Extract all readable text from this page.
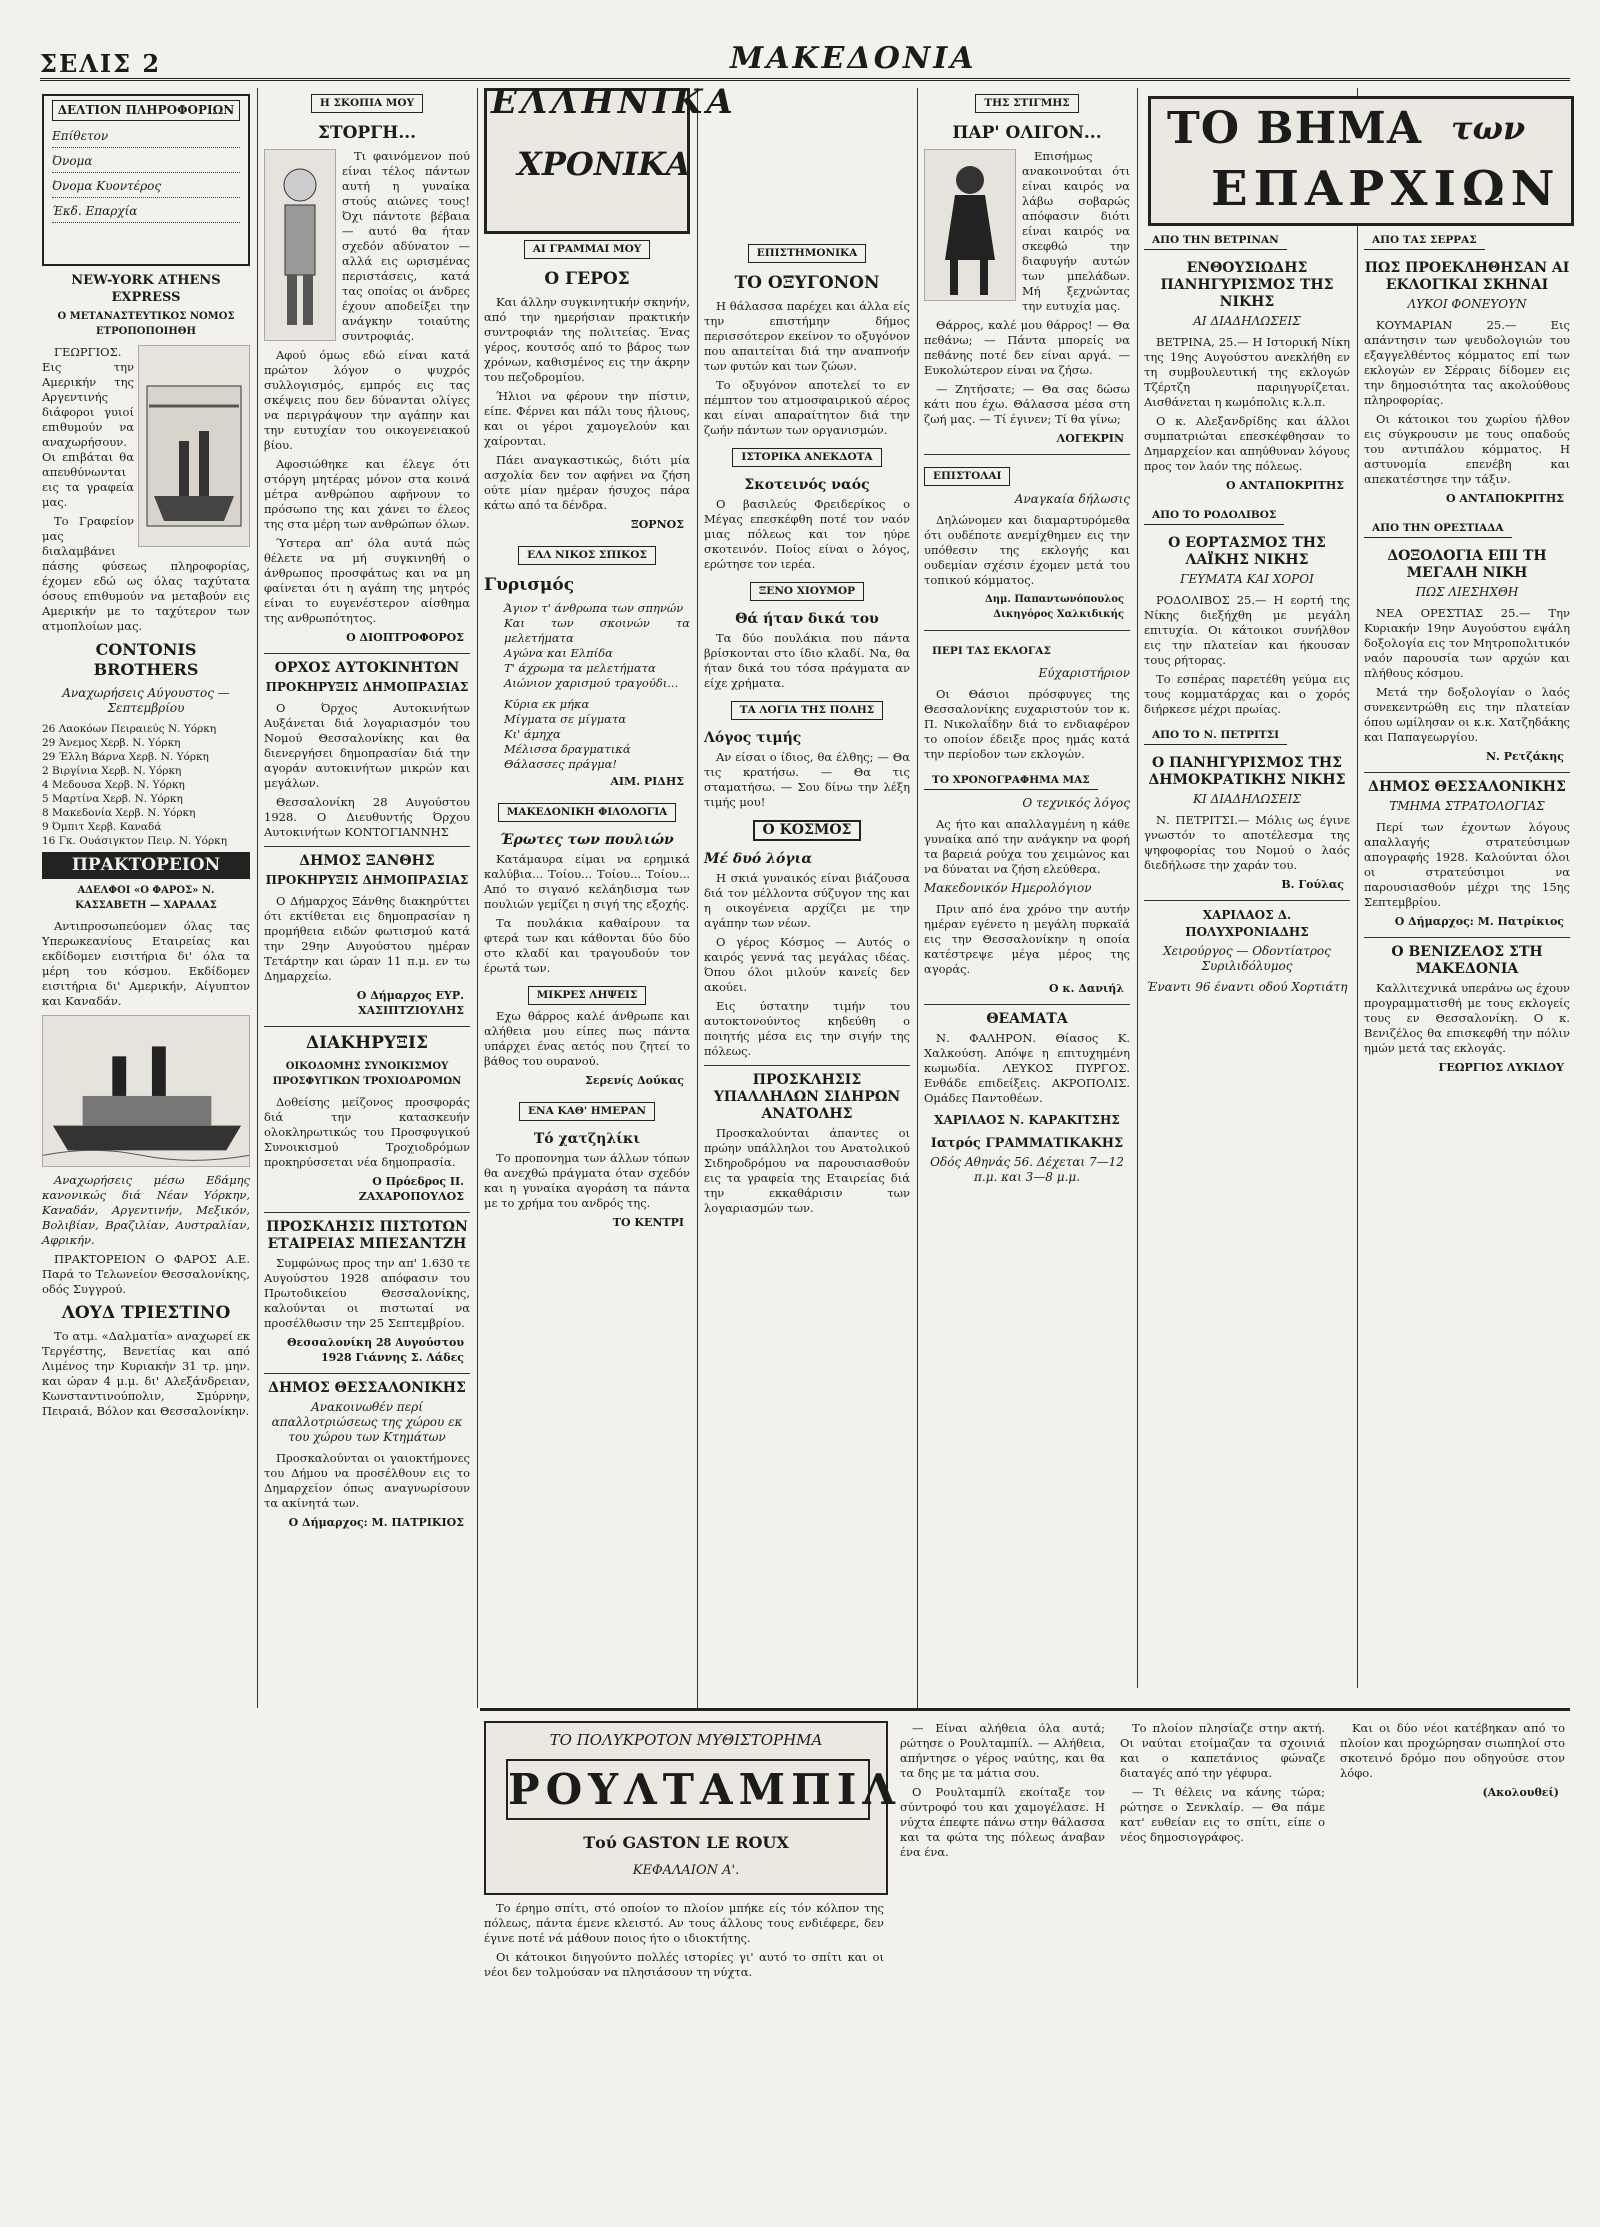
ΣΕΛΙΣ 2	ΜΑΚΕΔΟΝΙΑ
ΔΕΛΤΙΟΝ ΠΛΗΡΟΦΟΡΙΩΝ
Επίθετον
Όνομα
Όνομα Κυοντέρος
Έκδ. Επαρχία
NEW-YORK ATHENS EXPRESS
Ο ΜΕΤΑΝΑΣΤΕΥΤΙΚΟΣ ΝΟΜΟΣ ΕΤΡΟΠΟΠΟΙΗΘΗ

ΓΕΩΡΓΙΟΣ. Εις την Αμερικήν της Αργεντινής διάφοροι γυιοί επιθυμούν να αναχωρήσουν. Οι επιβάται θα απευθύνωνται εις τα γραφεία μας.

Το Γραφείον μας διαλαμβάνει πάσης φύσεως πληροφορίας, έχομεν εδώ ως όλας ταχύτατα όσους επιθυμούν να μεταβούν εις Αμερικήν με το ταχύτερον των ατμοπλοίων μας.

CONTONIS BROTHERS
Αναχωρήσεις Αύγουστος — Σεπτεμβρίου
26 Λαοκόων Πειραιεύς Ν. Υόρκη
29 Άνεμος Χερβ. Ν. Υόρκη
29 Έλλη Βάρνα Χερβ. Ν. Υόρκη
2 Βιργίνια Χερβ. Ν. Υόρκη
4 Μεδουσα Χερβ. Ν. Υόρκη
5 Μαρτίνα Χερβ. Ν. Υόρκη
8 Μακεδονία Χερβ. Ν. Υόρκη
9 Όμπιτ Χερβ. Καναδά
16 Γκ. Ουάσιγκτον Πειρ. Ν. Υόρκη
ΠΡΑΚΤΟΡΕΙΟΝ
ΑΔΕΛΦΟΙ «Ο ΦΑΡΟΣ» Ν. ΚΑΣΣΑΒΕΤΗ — ΧΑΡΑΛΑΣ

Αντιπροσωπεύομεν όλας τας Υπερωκεανίους Εταιρείας και εκδίδομεν εισιτήρια δι' όλα τα μέρη του κόσμου. Εκδίδομεν εισιτήρια δι' Αμερικήν, Αίγυπτον και Καναδάν.

Αναχωρήσεις μέσω Εδάμης κανονικώς διά Νέαν Υόρκην, Καναδάν, Αργεντινήν, Μεξικόν, Βολιβίαν, Βραζιλίαν, Αυστραλίαν, Αφρικήν.

ΠΡΑΚΤΟΡΕΙΟΝ Ο ΦΑΡΟΣ Α.Ε. Παρά το Τελωνείον Θεσσαλονίκης, οδός Συγγρού.

ΛΟΥΔ ΤΡΙΕΣΤΙΝΟ

Το ατμ. «Δαλματία» αναχωρεί εκ Τεργέστης, Βενετίας και από Λιμένος την Κυριακήν 31 τρ. μην. και ώραν 4 μ.μ. δι' Αλεξάνδρειαν, Κωνσταντινούπολιν, Σμύρνην, Πειραιά, Βόλον και Θεσσαλονίκην.

Η ΣΚΟΠΙΑ ΜΟΥ
ΣΤΟΡΓΗ...

Τι φαινόμενον πού είναι τέλος πάντων αυτή η γυναίκα στούς αιώνες τους! Όχι πάντοτε βέβαια — αυτό θα ήταν σχεδόν αδύνατον — αλλά εις ωρισμένας περιστάσεις, κατά τας οποίας οι άνδρες έχουν αποδείξει την ανάγκην τοιαύτης συντροφιάς.

Αφού όμως εδώ είναι κατά πρώτον λόγον ο ψυχρός συλλογισμός, εμπρός εις τας σκέψεις που δεν δύνανται ολίγες να περιγράψουν την αγάπην και την ευτυχίαν του οικογενειακού βίου.

Αφοσιώθηκε και έλεγε ότι στόργη μητέρας μόνον στα κοινά μέτρα ανθρώπου αφήνουν το πρόσωπο της και χάνει το έλεος της στα μέρη των ανθρώπων όλων.

Ύστερα απ' όλα αυτά πώς θέλετε να μή συγκινηθή ο άνθρωπος προσφάτως και να μη φαίνεται ότι η αγάπη της μητρός είναι το ευγενέστερον αίσθημα της ανθρωπότητος.

Ο ΔΙΟΠΤΡΟΦΟΡΟΣ
ΟΡΧΟΣ ΑΥΤΟΚΙΝΗΤΩΝ
ΠΡΟΚΗΡΥΞΙΣ ΔΗΜΟΠΡΑΣΙΑΣ

Ο Όρχος Αυτοκινήτων Αυξάνεται διά λογαριασμόν του Νομού Θεσσαλονίκης και θα διενεργήσει δημοπρασίαν διά την αγοράν αυτοκινήτων μικρών και μεγάλων.

Θεσσαλονίκη 28 Αυγούστου 1928. Ο Διευθυντής Όρχου Αυτοκινήτων ΚΟΝΤΟΓΙΑΝΝΗΣ

ΔΗΜΟΣ ΞΑΝΘΗΣ
ΠΡΟΚΗΡΥΞΙΣ ΔΗΜΟΠΡΑΣΙΑΣ

Ο Δήμαρχος Ξάνθης διακηρύττει ότι εκτίθεται εις δημοπρασίαν η προμήθεια ειδών φωτισμού κατά την 29ην Αυγούστου ημέραν Τετάρτην και ώραν 11 π.μ. εν τω Δημαρχείω.

Ο Δήμαρχος ΕΥΡ. ΧΑΣΙΠΤΖΙΟΥΛΗΣ
ΔΙΑΚΗΡΥΞΙΣ
ΟΙΚΟΔΟΜΗΣ ΣΥΝΟΙΚΙΣΜΟΥ ΠΡΟΣΦΥΓΙΚΩΝ ΤΡΟΧΙΟΔΡΟΜΩΝ

Δοθείσης μείζονος προσφοράς διά την κατασκευήν ολοκληρωτικώς του Προσφυγικού Συνοικισμού Τροχιοδρόμων προκηρύσσεται νέα δημοπρασία.

Ο Πρόεδρος ΙΙ. ΖΑΧΑΡΟΠΟΥΛΟΣ
ΠΡΟΣΚΛΗΣΙΣ ΠΙΣΤΩΤΩΝ ΕΤΑΙΡΕΙΑΣ ΜΠΕΣΑΝΤΖΗ

Συμφώνως προς την απ' 1.630 τε Αυγούστου 1928 απόφασιν του Πρωτοδικείου Θεσσαλονίκης, καλούνται οι πιστωταί να προσέλθωσιν την 25 Σεπτεμβρίου.

Θεσσαλονίκη 28 Αυγούστου 1928 Γιάννης Σ. Λάδες
ΔΗΜΟΣ ΘΕΣΣΑΛΟΝΙΚΗΣ
Ανακοινωθέν περί απαλλοτριώσεως της χώρου εκ του χώρου των Κτημάτων

Προσκαλούνται οι γαιοκτήμονες του Δήμου να προσέλθουν εις το Δημαρχείον όπως αναγνωρίσουν τα ακίνητά των.

Ο Δήμαρχος: Μ. ΠΑΤΡΙΚΙΟΣ
ΕΛΛΗΝΙΚΑ
ΧΡΟΝΙΚΑ
ΑΙ ΓΡΑΜΜΑΙ ΜΟΥ
Ο ΓΕΡΟΣ

Και άλλην συγκινητικήν σκηνήν, από την ημερήσιαν πρακτικήν συντροφιάν της πολιτείας. Ένας γέρος, κουτσός από το βάρος των χρόνων, καθισμένος εις την άκρην του πεζοδρομίου.

Ήλιοι να φέρουν την πίστιν, είπε. Φέρνει και πάλι τους ήλιους, και οι γέροι χαμογελούν και χαίρονται.

Πάει αναγκαστικώς, διότι μία ασχολία δεν τον αφήνει να ζήση ούτε μίαν ημέραν ήσυχος πάρα κάτω από τα δένδρα.

ΞΟΡΝΟΣ
ΕΛΛ ΝΙΚΟΣ ΣΠΙΚΟΣ
Γυρισμός
Άγιον τ' άνθρωπα των σπηνών
Και των σκοινών τα μελετήματα
Αγώνα και Ελπίδα
Τ' άχρωμα τα μελετήματα
Αιώνιον χαρισμού τραγούδι...
Κύρια εκ μήκα
Μίγματα σε μίγματα
Κι' άμηχα
Μέλισσα δραγματικά
Θάλασσες πράγμα!
ΑΙΜ. ΡΙΔΗΣ
ΜΑΚΕΔΟΝΙΚΗ ΦΙΛΟΛΟΓΙΑ
Έρωτες των πουλιών

Κατάμαυρα είμαι να ερημικά καλύβια... Τοίου... Τοίου... Τοίου... Από το σιγανό κελάηδισμα των πουλιών γεμίζει η σιγή της εξοχής.

Τα πουλάκια καθαίρουν τα φτερά των και κάθονται δύο δύο στο κλαδί και τραγουδούν τον έρωτά των.

ΜΙΚΡΕΣ ΛΗΨΕΙΣ

Εχω θάρρος καλέ άνθρωπε και αλήθεια μου είπες πως πάντα υπάρχει ένας αετός που ζητεί το βάθος του ουρανού.

Σερενίς Δούκας
ΕΝΑ ΚΑΘ' ΗΜΕΡΑΝ
Τό χατζηλίκι

Το προπονημα των άλλων τόπων θα ανεχθώ πράγματα όταν σχεδόν και η γυναίκα αγοράση τα πάντα με το χρήμα του ανδρός της.

ΤΟ ΚΕΝΤΡΙ
ΕΠΙΣΤΗΜΟΝΙΚΑ
ΤΟ ΟΞΥΓΟΝΟΝ

Η θάλασσα παρέχει και άλλα είς την επιστήμην δήμος περισσότερον εκείνον το οξυγόνον που απαιτείται διά την αναπνοήν των φυτών και των ζώων.

Το οξυγόνον αποτελεί το εν πέμπτον του ατμοσφαιρικού αέρος και είναι απαραίτητον διά την ζωήν πάντων των οργανισμών.

ΙΣΤΟΡΙΚΑ ΑΝΕΚΔΟΤΑ
Σκοτεινός ναός

Ο βασιλεύς Φρειδερίκος ο Μέγας επεσκέφθη ποτέ τον ναόν μιας πόλεως και τον ηύρε σκοτεινόν. Ποίος είναι ο λόγος, ερώτησε τον ιερέα.

ΞΕΝΟ ΧΙΟΥΜΟΡ
Θά ήταν δικά του

Τα δύο πουλάκια που πάντα βρίσκονται στο ίδιο κλαδί. Να, θα ήταν δικά του τόσα πράγματα αν είχε χρήματα.

ΤΑ ΛΟΓΙΑ ΤΗΣ ΠΟΛΗΣ
Λόγος τιμής

Αν είσαι ο ίδιος, θα έλθης; — Θα τις κρατήσω. — Θα τις σταματήσω. — Σου δίνω την λέξη τιμής μου!

Ο ΚΟΣΜΟΣ
Μέ δυό λόγια

Η σκιά γυναικός είναι βιάζουσα διά τον μέλλοντα σύζυγον της και η οικογένεια αρχίζει με την αγάπην των νέων.

Ο γέρος Κόσμος — Αυτός ο καιρός γεννά τας μεγάλας ιδέας. Όπου όλοι μιλούν κανείς δεν ακούει.

Εις ύστατην τιμήν του αυτοκτονούντος κηδεύθη ο ποιητής μέσα εις την σιγήν της πόλεως.

ΠΡΟΣΚΛΗΣΙΣ ΥΠΑΛΛΗΛΩΝ ΣΙΔΗΡΩΝ ΑΝΑΤΟΛΗΣ

Προσκαλούνται άπαντες οι πρώην υπάλληλοι του Ανατολικού Σιδηροδρόμου να παρουσιασθούν εις τα γραφεία της Εταιρείας διά την εκκαθάρισιν των λογαριασμών των.

ΤΗΣ ΣΤΙΓΜΗΣ
ΠΑΡ' ΟΛΙΓΟΝ...

Επισήμως ανακοινούται ότι είναι καιρός να λάβω σοβαρώς απόφασιν διότι είναι καιρός να σκεφθώ την διαφυγήν αυτών των μπελάδων. Μή ξεχνώντας την ευτυχία μας.

Θάρρος, καλέ μου θάρρος! — Θα πεθάνω; — Πάντα μπορείς να πεθάνης ποτέ δεν είναι αργά. — Ευκολώτερον είναι να ζήσω.

— Ζητήσατε; — Θα σας δώσω κάτι που έχω. Θάλασσα μέσα στη ζωή μας. — Τί έγινεν; Τί θα γίνω;

ΛΟΓΕΚΡΙΝ
ΕΠΙΣΤΟΛΑΙ
Αναγκαία δήλωσις

Δηλώνομεν και διαμαρτυρόμεθα ότι ουδέποτε ανεμίχθημεν εις την υπόθεσιν της εκλογής και ουδεμίαν σχέσιν έχομεν μετά του τοπικού κόμματος.

Δημ. Παπαντωνόπουλος Δικηγόρος Χαλκιδικής
ΠΕΡΙ ΤΑΣ ΕΚΛΟΓΑΣ
Εύχαριστήριον

Οι Θάσιοι πρόσφυγες της Θεσσαλονίκης ευχαριστούν τον κ. Π. Νικολαΐδην διά το ενδιαφέρον το οποίον έδειξε προς ημάς κατά την περίοδον των εκλογών.

ΤΟ ΧΡΟΝΟΓΡΑΦΗΜΑ ΜΑΣ
Ο τεχνικός λόγος

Ας ήτο και απαλλαγμένη η κάθε γυναίκα από την ανάγκην να φορή τα βαρειά ρούχα του χειμώνος και να δύναται να ζήση ελεύθερα.

Μακεδονικόν Ημερολόγιον

Πριν από ένα χρόνο την αυτήν ημέραν εγένετο η μεγάλη πυρκαϊά εις την Θεσσαλονίκην η οποία κατέστρεψε μέγα μέρος της αγοράς.

Ο κ. Δανιήλ
ΘΕΑΜΑΤΑ

Ν. ΦΑΛΗΡΟΝ. Θίασος Κ. Χαλκούση. Απόψε η επιτυχημένη κωμωδία. ΛΕΥΚΟΣ ΠΥΡΓΟΣ. Ενθάδε επιδείξεις. ΑΚΡΟΠΟΛΙΣ. Ομάδες Παντοθέων.

ΧΑΡΙΛΑΟΣ Ν. ΚΑΡΑΚΙΤΣΗΣ
Ιατρός ΓΡΑΜΜΑΤΙΚΑΚΗΣ
Οδός Αθηνάς 56. Δέχεται 7—12 π.μ. και 3—8 μ.μ.
ΤΟ ΒΗΜΑ των
ΕΠΑΡΧΙΩΝ
ΑΠΟ ΤΗΝ ΒΕΤΡΙΝΑΝ
ΕΝΘΟΥΣΙΩΔΗΣ ΠΑΝΗΓΥΡΙΣΜΟΣ ΤΗΣ ΝΙΚΗΣ
ΑΙ ΔΙΑΔΗΛΩΣΕΙΣ

ΒΕΤΡΙΝΑ, 25.— Η Ιστορική Νίκη της 19ης Αυγούστου ανεκλήθη εν τη συμβουλευτική της εκλογών Τζέρτζη παριηγυρίζεται. Αισθάνεται η κωμόπολις κ.λ.π.

Ο κ. Αλεξανδρίδης και άλλοι συμπατριώται επεσκέφθησαν το Δημαρχείον και απηύθυναν λόγους προς τον λαόν της πόλεως.

Ο ΑΝΤΑΠΟΚΡΙΤΗΣ
ΑΠΟ ΤΟ ΡΟΔΟΛΙΒΟΣ
Ο ΕΟΡΤΑΣΜΟΣ ΤΗΣ ΛΑΪΚΗΣ ΝΙΚΗΣ
ΓΕΥΜΑΤΑ ΚΑΙ ΧΟΡΟΙ

ΡΟΔΟΛΙΒΟΣ 25.— Η εορτή της Νίκης διεξήχθη με μεγάλη επιτυχία. Οι κάτοικοι συνήλθον εις την πλατείαν και ήκουσαν τους ρήτορας.

Το εσπέρας παρετέθη γεύμα εις τους κομματάρχας και ο χορός διήρκεσε μέχρι πρωίας.

ΑΠΟ ΤΟ Ν. ΠΕΤΡΙΤΣΙ
Ο ΠΑΝΗΓΥΡΙΣΜΟΣ ΤΗΣ ΔΗΜΟΚΡΑΤΙΚΗΣ ΝΙΚΗΣ
ΚΙ ΔΙΑΔΗΛΩΣΕΙΣ

Ν. ΠΕΤΡΙΤΣΙ.— Μόλις ως έγινε γνωστόν το αποτέλεσμα της ψηφοφορίας του Νομού ο λαός διεδήλωσε την χαράν του.

Β. Γούλας
ΧΑΡΙΛΑΟΣ Δ. ΠΟΛΥΧΡΟΝΙΑΔΗΣ
Χειρούργος — Οδοντίατρος Συριλιδόλυμος
Έναντι 96 έναντι οδού Χορτιάτη
ΑΠΟ ΤΑΣ ΣΕΡΡΑΣ
ΠΩΣ ΠΡΟΕΚΛΗΘΗΣΑΝ ΑΙ ΕΚΛΟΓΙΚΑΙ ΣΚΗΝΑΙ
ΛΥΚΟΙ ΦΟΝΕΥΟΥΝ

ΚΟΥΜΑΡΙΑΝ 25.— Εις απάντησιν των ψευδολογιών του εξαγγελθέντος κόμματος επί των εκλογών εν Σέρραις δίδομεν εις την δημοσιότητα τας ακολούθους πληροφορίας.

Οι κάτοικοι του χωρίου ήλθον εις σύγκρουσιν με τους οπαδούς του αντιπάλου κόμματος. Η αστυνομία επενέβη και απεκατέστησε την τάξιν.

Ο ΑΝΤΑΠΟΚΡΙΤΗΣ
ΑΠΟ ΤΗΝ ΟΡΕΣΤΙΑΔΑ
ΔΟΞΟΛΟΓΙΑ ΕΠΙ ΤΗ ΜΕΓΑΛΗ ΝΙΚΗ
ΠΩΣ ΛΙΕΣΗΧΘΗ

ΝΕΑ ΟΡΕΣΤΙΑΣ 25.— Την Κυριακήν 19ην Αυγούστου εψάλη δοξολογία εις τον Μητροπολιτικόν ναόν παρουσία των αρχών και πλήθους κόσμου.

Μετά την δοξολογίαν ο λαός συνεκεντρώθη εις την πλατείαν όπου ωμίλησαν οι κ.κ. Χατζηδάκης και Παπαγεωργίου.

Ν. Ρετζάκης
ΔΗΜΟΣ ΘΕΣΣΑΛΟΝΙΚΗΣ
ΤΜΗΜΑ ΣΤΡΑΤΟΛΟΓΙΑΣ

Περί των έχοντων λόγους απαλλαγής στρατεύσιμων απογραφής 1928. Καλούνται όλοι οι στρατεύσιμοι να παρουσιασθούν μέχρι της 15ης Σεπτεμβρίου.

Ο Δήμαρχος: Μ. Πατρίκιος
Ο ΒΕΝΙΖΕΛΟΣ ΣΤΗ ΜΑΚΕΔΟΝΙΑ

Καλλιτεχνικά υπεράνω ως έχουν προγραμματισθή με τους εκλογείς τους εν Θεσσαλονίκη. Ο κ. Βενιζέλος θα επισκεφθή την πόλιν ημών μετά τας εκλογάς.

ΓΕΩΡΓΙΟΣ ΛΥΚΙΔΟΥ
ΤΟ ΠΟΛΥΚΡΟΤΟΝ ΜΥΘΙΣΤΟΡΗΜΑ
ΡΟΥΛΤΑΜΠΙΛ
Τού GASTON LE ROUX
ΚΕΦΑΛΑΙΟΝ Α'.

Το έρημο σπίτι, στό οποίον το πλοίον μπήκε είς τόν κόλπον της πόλεως, πάντα έμενε κλειστό. Αν τους άλλους τους ενδιέφερε, δεν έγινε ποτέ νά μάθουν ποιος ήτο ο ιδιοκτήτης.

Οι κάτοικοι διηγούντο πολλές ιστορίες γι' αυτό το σπίτι και οι νέοι δεν τολμούσαν να πλησιάσουν τη νύχτα.

— Είναι αλήθεια όλα αυτά; ρώτησε ο Ρουλταμπίλ. — Αλήθεια, απήντησε ο γέρος ναύτης, και θα τα δης με τα μάτια σου.

Ο Ρουλταμπίλ εκοίταξε τον σύντροφό του και χαμογέλασε. Η νύχτα έπεφτε πάνω στην θάλασσα και τα φώτα της πόλεως άναβαν ένα ένα.

Το πλοίον πλησίαζε στην ακτή. Οι ναύται ετοίμαζαν τα σχοινιά και ο καπετάνιος φώναζε διαταγές από την γέφυρα.

— Τι θέλεις να κάνης τώρα; ρώτησε ο Σενκλαίρ. — Θα πάμε κατ' ευθείαν εις το σπίτι, είπε ο νέος δημοσιογράφος.

Και οι δύο νέοι κατέβηκαν από το πλοίον και προχώρησαν σιωπηλοί στο σκοτεινό δρόμο που οδηγούσε στον λόφο.

(Ακολουθεί)
